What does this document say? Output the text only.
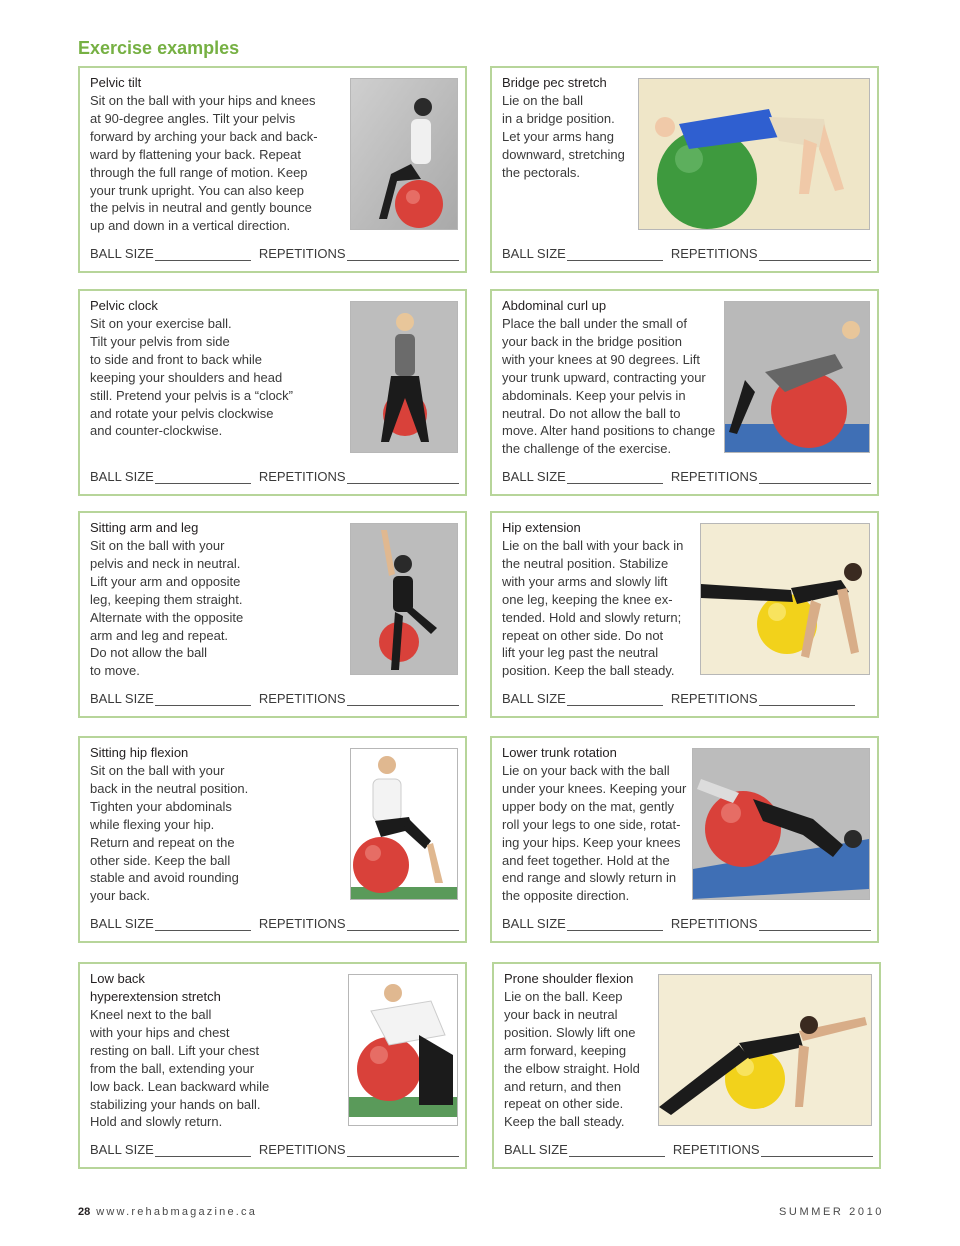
Exercise examples
Pelvic tilt
Sit on the ball with your hips and knees
at 90-degree angles. Tilt your pelvis
forward by arching your back and back-
ward by flattening your back. Repeat
through the full range of motion. Keep
your trunk upright. You can also keep
the pelvis in neutral and gently bounce
up and down in a vertical direction.
BALL SIZE	REPETITIONS
Bridge pec stretch
Lie on the ball
in a bridge position.
Let your arms hang
downward, stretching
the pectorals.
BALL SIZE	REPETITIONS
Pelvic clock
Sit on your exercise ball.
Tilt your pelvis from side
to side and front to back while
keeping your shoulders and head
still. Pretend your pelvis is a “clock”
and rotate your pelvis clockwise
and counter-clockwise.
BALL SIZE	REPETITIONS
Abdominal curl up
Place the ball under the small of
your back in the bridge position
with your knees at 90 degrees. Lift
your trunk upward, contracting your
abdominals. Keep your pelvis in
neutral. Do not allow the ball to
move. Alter hand positions to change
the challenge of the exercise.
BALL SIZE	REPETITIONS
Sitting arm and leg
Sit on the ball with your
pelvis and neck in neutral.
Lift your arm and opposite
leg, keeping them straight.
Alternate with the opposite
arm and leg and repeat.
Do not allow the ball
to move.
BALL SIZE	REPETITIONS
Hip extension
Lie on the ball with your back in
the neutral position. Stabilize
with your arms and slowly lift
one leg, keeping the knee ex-
tended. Hold and slowly return;
repeat on other side. Do not
lift your leg past the neutral
position. Keep the ball steady.
BALL SIZE	REPETITIONS
Sitting hip flexion
Sit on the ball with your
back in the neutral position.
Tighten your abdominals
while flexing your hip.
Return and repeat on the
other side. Keep the ball
stable and avoid rounding
your back.
BALL SIZE	REPETITIONS
Lower trunk rotation
Lie on your back with the ball
under your knees. Keeping your
upper body on the mat, gently
roll your legs to one side, rotat-
ing your hips. Keep your knees
and feet together. Hold at the
end range and slowly return in
the opposite direction.
BALL SIZE	REPETITIONS
Low back
hyperextension stretch
Kneel next to the ball
with your hips and chest
resting on ball. Lift your chest
from the ball, extending your
low back. Lean backward while
stabilizing your hands on ball.
Hold and slowly return.
BALL SIZE	REPETITIONS
Prone shoulder flexion
Lie on the ball. Keep
your back in neutral
position. Slowly lift one
arm forward, keeping
the elbow straight. Hold
and return, and then
repeat on other side.
Keep the ball steady.
BALL SIZE	REPETITIONS
28 www.rehabmagazine.ca	SUMMER 2010
